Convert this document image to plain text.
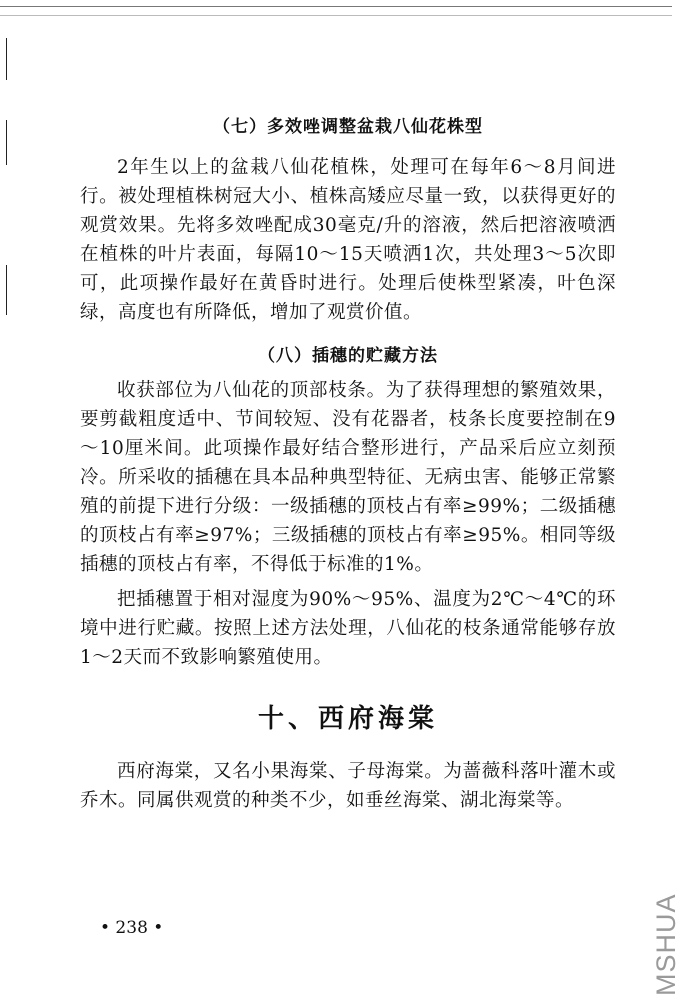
（七）多效唑调整盆栽八仙花株型

2年生以上的盆栽八仙花植株，处理可在每年6～8月间进行。被处理植株树冠大小、植株高矮应尽量一致，以获得更好的观赏效果。先将多效唑配成30毫克/升的溶液，然后把溶液喷洒在植株的叶片表面，每隔10～15天喷洒1次，共处理3～5次即可，此项操作最好在黄昏时进行。处理后使株型紧凑，叶色深绿，高度也有所降低，增加了观赏价值。

（八）插穗的贮藏方法

收获部位为八仙花的顶部枝条。为了获得理想的繁殖效果，要剪截粗度适中、节间较短、没有花器者，枝条长度要控制在9～10厘米间。此项操作最好结合整形进行，产品采后应立刻预冷。所采收的插穗在具本品种典型特征、无病虫害、能够正常繁殖的前提下进行分级：一级插穗的顶枝占有率≥99%；二级插穗的顶枝占有率≥97%；三级插穗的顶枝占有率≥95%。相同等级插穗的顶枝占有率，不得低于标准的1%。

把插穗置于相对湿度为90%～95%、温度为2℃～4℃的环境中进行贮藏。按照上述方法处理，八仙花的枝条通常能够存放1～2天而不致影响繁殖使用。

十、西府海棠

西府海棠，又名小果海棠、子母海棠。为蔷薇科落叶灌木或乔木。同属供观赏的种类不少，如垂丝海棠、湖北海棠等。

• 238 •	MSHUA
